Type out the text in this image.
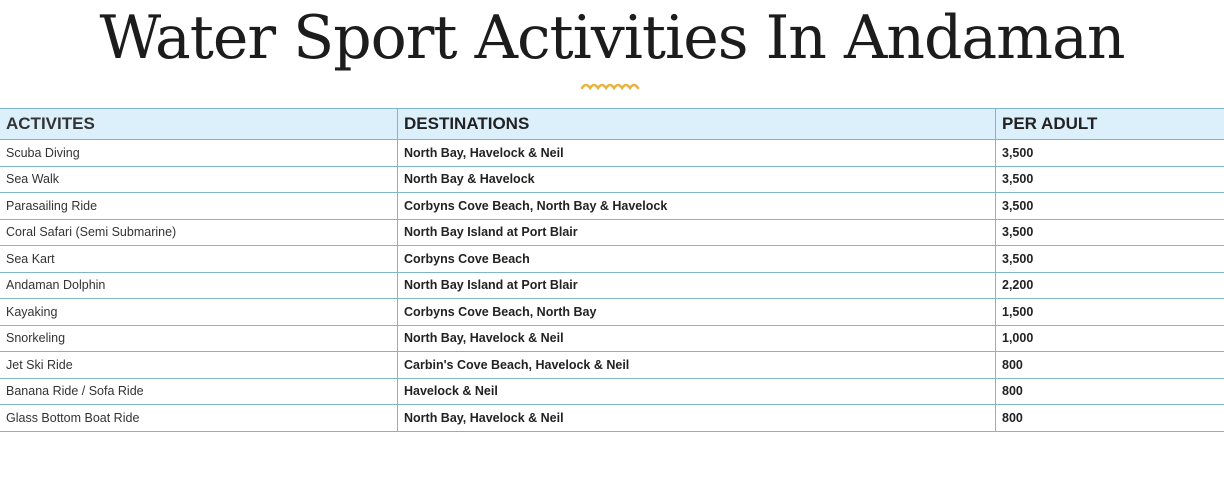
Water Sport Activities In Andaman
ACTIVITES	DESTINATIONS	PER ADULT
Scuba Diving	North Bay, Havelock & Neil	3,500
Sea Walk	North Bay & Havelock	3,500
Parasailing Ride	Corbyns Cove Beach, North Bay & Havelock	3,500
Coral Safari (Semi Submarine)	North Bay Island at Port Blair	3,500
Sea Kart	Corbyns Cove Beach	3,500
Andaman Dolphin	North Bay Island at Port Blair	2,200
Kayaking	Corbyns Cove Beach, North Bay	1,500
Snorkeling	North Bay, Havelock & Neil	1,000
Jet Ski Ride	Carbin's Cove Beach, Havelock & Neil	800
Banana Ride / Sofa Ride	Havelock & Neil	800
Glass Bottom Boat Ride	North Bay, Havelock & Neil	800
